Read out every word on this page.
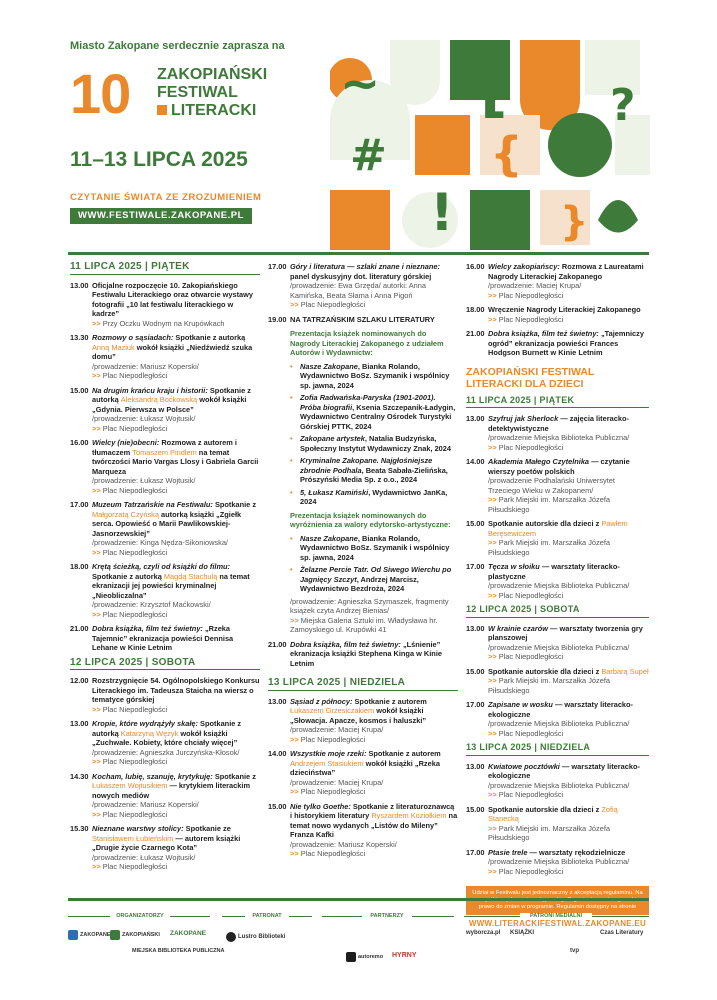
Miasto Zakopane serdecznie zaprasza na
10 ZAKOPIAŃSKI
FESTIWAL
LITERACKI
11–13 LIPCA 2025
CZYTANIE ŚWIATA ZE ZROZUMIENIEM
WWW.FESTIWALE.ZAKOPANE.PL
~ [ ¿
#
!
?
{
}
11 LIPCA 2025 | PIĄTEK
13.00 Oficjalne rozpoczęcie 10. Zakopiańskiego Festiwalu Literackiego oraz otwarcie wystawy fotografii „10 lat festiwalu literackiego w kadrze”
>> Przy Oczku Wodnym na Krupówkach
13.30 Rozmowy o sąsiadach: Spotkanie z autorką Anną Maziuk wokół książki „Niedźwiedź szuka domu”
/prowadzenie: Mariusz Koperski/
>> Plac Niepodległości
15.00 Na drugim krańcu kraju i historii: Spotkanie z autorką Aleksandrą Boćkowską wokół książki „Gdynia. Pierwsza w Polsce”
/prowadzenie: Łukasz Wojtusik/
>> Plac Niepodległości
16.00 Wielcy (nie)obecni: Rozmowa z autorem i tłumaczem Tomaszem Pindlem na temat twórczości Mario Vargas Llosy i Gabriela Garcii Marqueza
/prowadzenie: Łukasz Wojtusik/
>> Plac Niepodległości
17.00 Muzeum Tatrzańskie na Festiwalu: Spotkanie z Małgorzatą Czyńską autorką książki „Zgiełk serca. Opowieść o Marii Pawlikowskiej-Jasnorzewskiej”
/prowadzenie: Kinga Nędza-Sikoniowska/
>> Plac Niepodległości
18.00 Krętą ścieżką, czyli od książki do filmu: Spotkanie z autorką Magdą Stachulą na temat ekranizacji jej powieści kryminalnej „Nieobliczalna”
/prowadzenie: Krzysztof Maćkowski/
>> Plac Niepodległości
21.00 Dobra książka, film też świetny: „Rzeka Tajemnic” ekranizacja powieści Dennisa Lehane w Kinie Letnim
12 LIPCA 2025 | SOBOTA
12.00 Rozstrzygnięcie 54. Ogólnopolskiego Konkursu Literackiego im. Tadeusza Staicha na wiersz o tematyce górskiej
>> Plac Niepodległości
13.00 Kropie, które wydrążyły skałę: Spotkanie z autorką Katarzyną Wężyk wokół książki „Zuchwałe. Kobiety, które chciały więcej”
/prowadzenie: Agnieszka Jurczyńska-Kłosok/
>> Plac Niepodległości
14.30 Kocham, lubię, szanuję, krytykuję: Spotkanie z Łukaszem Wojtusikiem — krytykiem literackim nowych mediów
/prowadzenie: Mariusz Koperski/
>> Plac Niepodległości
15.30 Nieznane warstwy stolicy: Spotkanie ze Stanisławem Łubieńskim — autorem książki „Drugie życie Czarnego Kota”
/prowadzenie: Łukasz Wojtusik/
>> Plac Niepodległości
17.00 Góry i literatura — szlaki znane i nieznane: panel dyskusyjny dot. literatury górskiej
/prowadzenie: Ewa Grzęda/ autorki: Anna Kamińska, Beata Słama i Anna Pigoń
>> Plac Niepodległości
19.00 NA TATRZAŃSKIM SZLAKU LITERATURY
Prezentacja książek nominowanych do Nagrody Literackiej Zakopanego z udziałem Autorów i Wydawnictw:
•	Nasze Zakopane, Bianka Rolando, Wydawnictwo BoSz. Szymanik i wspólnicy sp. jawna, 2024
•	Zofia Radwańska-Paryska (1901-2001). Próba biografii, Ksenia Szczepanik-Ładygin, Wydawnictwo Centralny Ośrodek Turystyki Górskiej PTTK, 2024
•	Zakopane artystek, Natalia Budzyńska, Społeczny Instytut Wydawniczy Znak, 2024
•	Kryminalne Zakopane. Najgłośniejsze zbrodnie Podhala, Beata Sabała-Zielińska, Prószyński Media Sp. z o.o., 2024
•	5, Łukasz Kamiński, Wydawnictwo JanKa, 2024
Prezentacja książek nominowanych do wyróżnienia za walory edytorsko-artystyczne:
•	Nasze Zakopane, Bianka Rolando, Wydawnictwo BoSz. Szymanik i wspólnicy sp. jawna, 2024
•	Żelazne Percie Tatr. Od Siwego Wierchu po Jagnięcy Szczyt, Andrzej Marcisz, Wydawnictwo Bezdroża, 2024
/prowadzenie: Agnieszka Szymaszek, fragmenty książek czyta Andrzej Bienias/
>> Miejska Galeria Sztuki im. Władysława hr. Zamoyskiego ul. Krupówki 41
21.00 Dobra książka, film też świetny: „Lśnienie” ekranizacja książki Stephena Kinga w Kinie Letnim
13 LIPCA 2025 | NIEDZIELA
13.00 Sąsiad z północy: Spotkanie z autorem Łukaszem Grzesiczakiem wokół książki „Słowacja. Apacze, kosmos i haluszki”
/prowadzenie: Maciej Krupa/
>> Plac Niepodległości
14.00 Wszystkie moje rzeki: Spotkanie z autorem Andrzejem Stasiukiem wokół książki „Rzeka dzieciństwa”
/prowadzenie: Maciej Krupa/
>> Plac Niepodległości
15.00 Nie tylko Goethe: Spotkanie z literaturoznawcą i historykiem literatury Ryszardem Koziołkiem na temat nowo wydanych „Listów do Mileny” Franza Kafki
/prowadzenie: Mariusz Koperski/
>> Plac Niepodległości
16.00 Wielcy zakopiańscy: Rozmowa z Laureatami Nagrody Literackiej Zakopanego
/prowadzenie: Maciej Krupa/
>> Plac Niepodległości
18.00 Wręczenie Nagrody Literackiej Zakopanego
>> Plac Niepodległości
21.00 Dobra książka, film też świetny: „Tajemniczy ogród” ekranizacja powieści Frances Hodgson Burnett w Kinie Letnim
ZAKOPIAŃSKI FESTIWAL LITERACKI DLA DZIECI
11 LIPCA 2025 | PIĄTEK
13.00 Szyfruj jak Sherlock — zajęcia literacko-detektywistyczne
/prowadzenie Miejska Biblioteka Publiczna/
>> Plac Niepodległości
14.00 Akademia Małego Czytelnika — czytanie wierszy poetów polskich
/prowadzenie Podhalański Uniwersytet Trzeciego Wieku w Zakopanem/
>> Park Miejski im. Marszałka Józefa Piłsudskiego
15.00 Spotkanie autorskie dla dzieci z Pawłem Beręsewiczem
>> Park Miejski im. Marszałka Józefa Piłsudskiego
17.00 Tęcza w słoiku — warsztaty literacko-plastyczne
/prowadzenie Miejska Biblioteka Publiczna/
>> Plac Niepodległości
12 LIPCA 2025 | SOBOTA
13.00 W krainie czarów — warsztaty tworzenia gry planszowej
/prowadzenie Miejska Biblioteka Publiczna/
>> Plac Niepodległości
15.00 Spotkanie autorskie dla dzieci z Barbarą Supeł
>> Park Miejski im. Marszałka Józefa Piłsudskiego
17.00 Zapisane w wosku — warsztaty literacko-ekologiczne
/prowadzenie Miejska Biblioteka Publiczna/
>> Plac Niepodległości
13 LIPCA 2025 | NIEDZIELA
13.00 Kwiatowe pocztówki — warsztaty literacko-ekologiczne
/prowadzenie Miejska Biblioteka Publiczna/
>> Plac Niepodległości
15.00 Spotkanie autorskie dla dzieci z Zofią Stanecką
>> Park Miejski im. Marszałka Józefa Piłsudskiego
17.00 Ptasie trele — warsztaty rękodzielnicze
/prowadzenie Miejska Biblioteka Publiczna/
>> Plac Niepodległości
Udział w Festiwalu jest jednoznaczny z akceptacją regulaminu. Na prawo do zmian w programie. Regulamin dostępny na stronie
WWW.LITERACKIFESTIWAL.ZAKOPANE.EU
ORGANIZATORZY	PATRONAT	PARTNERZY	PATRONI MEDIALNI
ZAKOPANE ZAKOPIAŃSKI
MIEJSKA BIBLIOTEKA PUBLICZNA
ZAKOPANE	Lustro Biblioteki
autoremo HYRNY
wyborcza.pl KSIĄŻKI	Czas Literatury
tvp
